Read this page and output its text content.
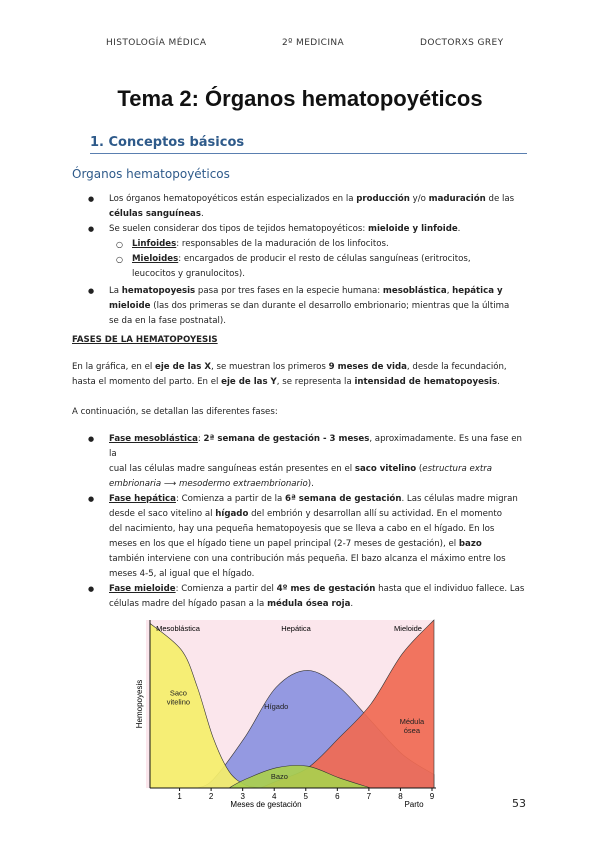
HISTOLOGÍA MÉDICA	2º MEDICINA	DOCTORXS GREY
Tema 2: Órganos hematopoyéticos
1. Conceptos básicos
Órganos hematopoyéticos
● Los órganos hematopoyéticos están especializados en la producción y/o maduración de las
células sanguíneas.
● Se suelen considerar dos tipos de tejidos hematopoyéticos: mieloide y linfoide.
○ Linfoides: responsables de la maduración de los linfocitos.
○ Mieloides: encargados de producir el resto de células sanguíneas (eritrocitos,
leucocitos y granulocitos).
● La hematopoyesis pasa por tres fases en la especie humana: mesoblástica, hepática y
mieloide (las dos primeras se dan durante el desarrollo embrionario; mientras que la última
se da en la fase postnatal).
FASES DE LA HEMATOPOYESIS
En la gráfica, en el eje de las X, se muestran los primeros 9 meses de vida, desde la fecundación,
hasta el momento del parto. En el eje de las Y, se representa la intensidad de hematopoyesis.
A continuación, se detallan las diferentes fases:
● Fase mesoblástica: 2ª semana de gestación - 3 meses, aproximadamente. Es una fase en la
cual las células madre sanguíneas están presentes en el saco vitelino (estructura extra
embrionaria ⟶ mesodermo extraembrionario).
● Fase hepática: Comienza a partir de la 6ª semana de gestación. Las células madre migran
desde el saco vitelino al hígado del embrión y desarrollan allí su actividad. En el momento
del nacimiento, hay una pequeña hematopoyesis que se lleva a cabo en el hígado. En los
meses en los que el hígado tiene un papel principal (2-7 meses de gestación), el bazo
también interviene con una contribución más pequeña. El bazo alcanza el máximo entre los
meses 4-5, al igual que el hígado.
● Fase mieloide: Comienza a partir del 4º mes de gestación hasta que el individuo fallece. Las
células madre del hígado pasan a la médula ósea roja.
Hígado
Médula ósea
Saco vitelino
Bazo
1	2	3	4	5	6	7	8	9
Hemopoyesis
Meses de gestación	Parto
Mesoblástica	Hepática	Mieloide
53
